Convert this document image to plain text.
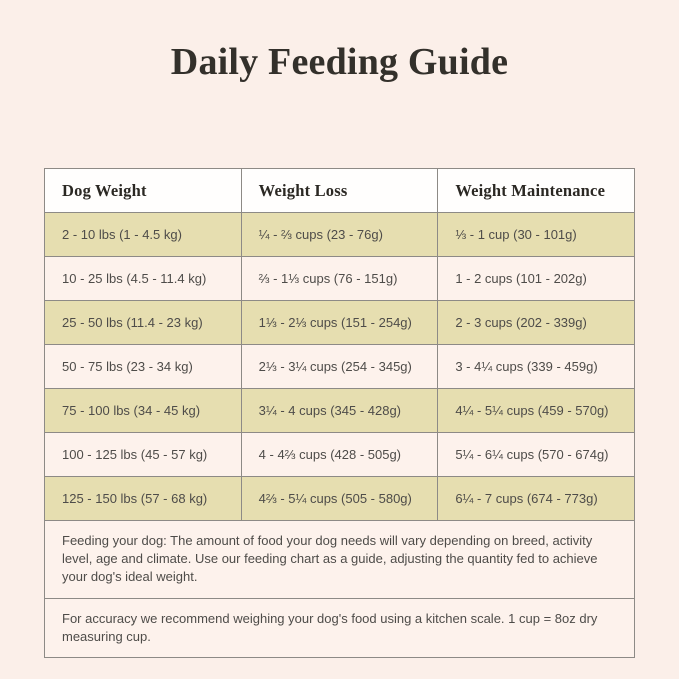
Daily Feeding Guide
Dog Weight	Weight Loss	Weight Maintenance
2 - 10 lbs (1 - 4.5 kg)	¼ - ⅔ cups (23 - 76g)	⅓ - 1 cup (30 - 101g)
10 - 25 lbs (4.5 - 11.4 kg)	⅔ - 1⅓ cups (76 - 151g)	1 - 2 cups (101 - 202g)
25 - 50 lbs (11.4 - 23 kg)	1⅓ - 2⅓ cups (151 - 254g)	2 - 3 cups (202 - 339g)
50 - 75 lbs (23 - 34 kg)	2⅓ - 3¼ cups (254 - 345g)	3 - 4¼ cups (339 - 459g)
75 - 100 lbs (34 - 45 kg)	3¼ - 4 cups (345 - 428g)	4¼ - 5¼ cups (459 - 570g)
100 - 125 lbs (45 - 57 kg)	4 - 4⅔ cups (428 - 505g)	5¼ - 6¼ cups (570 - 674g)
125 - 150 lbs (57 - 68 kg)	4⅔ - 5¼ cups (505 - 580g)	6¼ - 7 cups (674 - 773g)
Feeding your dog: The amount of food your dog needs will vary depending on breed, activity level, age and climate. Use our feeding chart as a guide, adjusting the quantity fed to achieve your dog's ideal weight.		
For accuracy we recommend weighing your dog's food using a kitchen scale. 1 cup = 8oz dry measuring cup.		
